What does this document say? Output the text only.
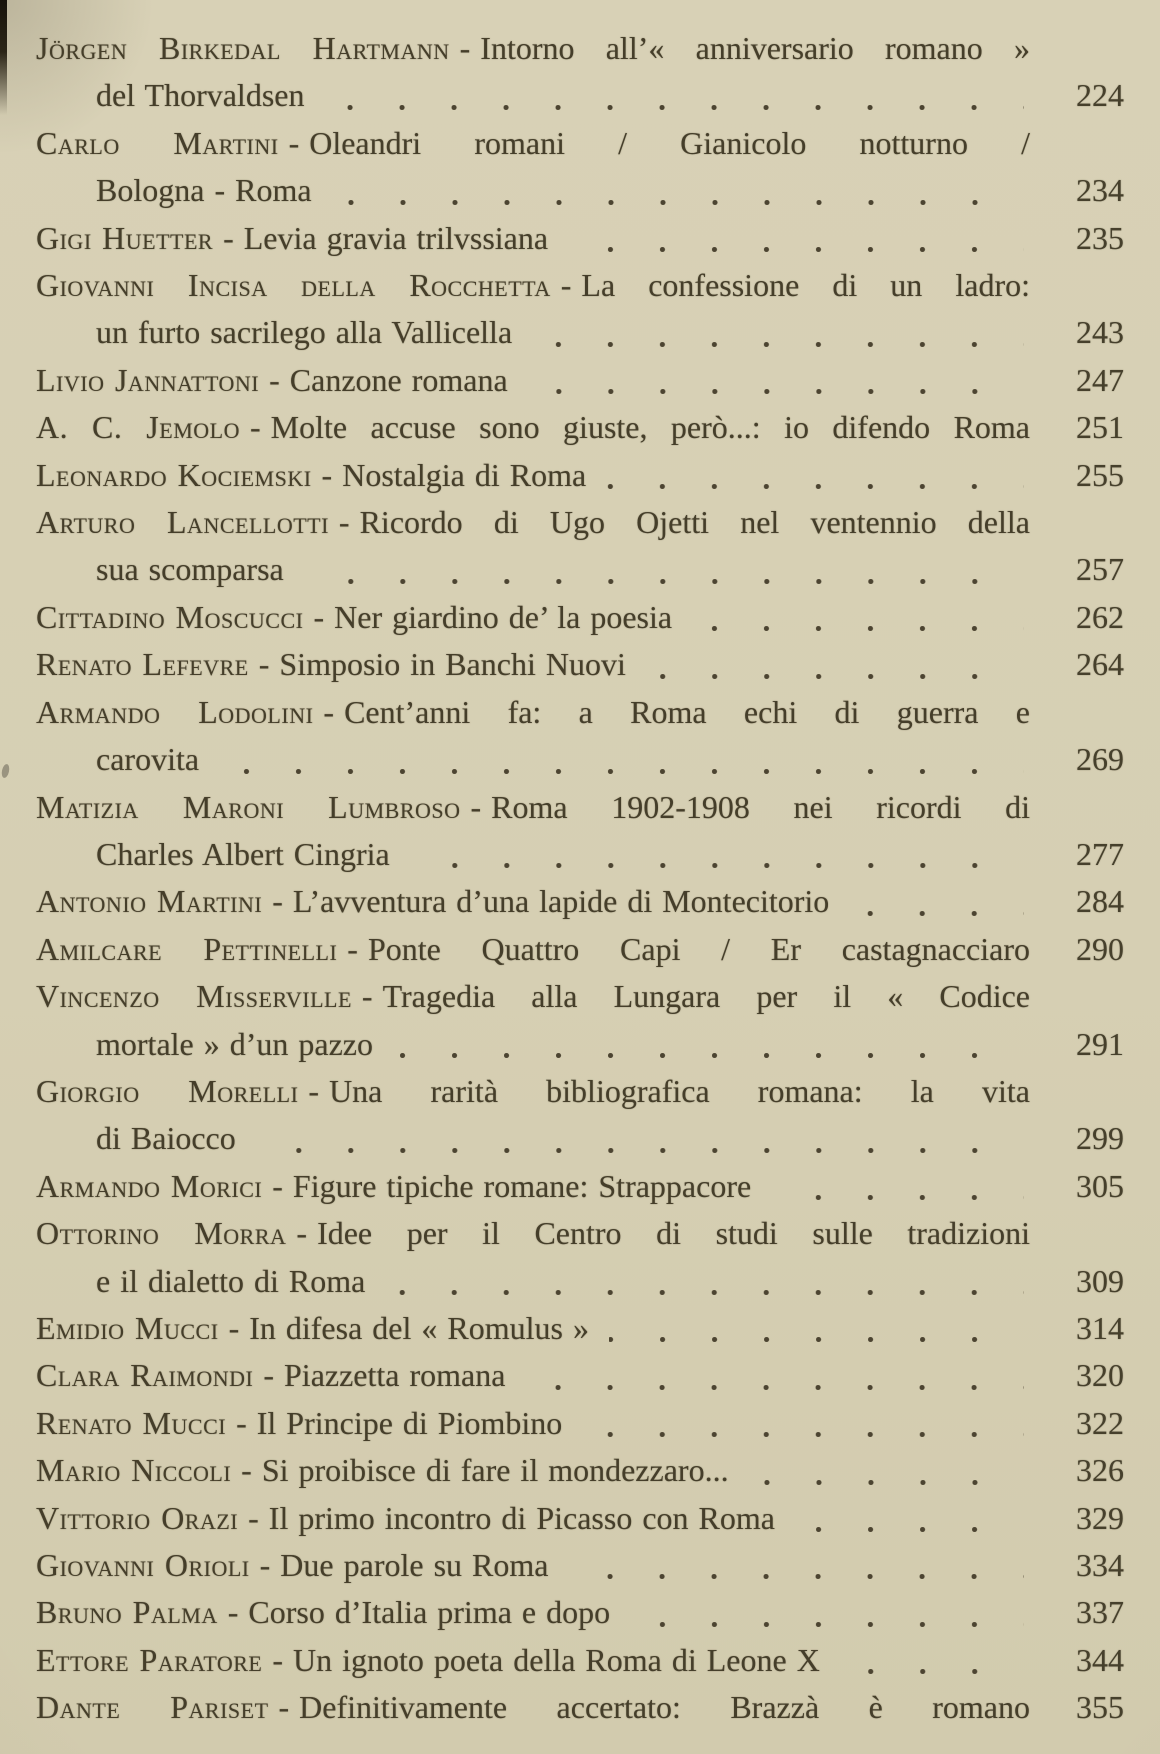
Jörgen Birkedal Hartmann - Intorno all’« anniversario romano »
del Thorvaldsen	224
Carlo Martini - Oleandri romani / Gianicolo notturno /
Bologna - Roma	234
Gigi Huetter - Levia gravia trilvssiana	235
Giovanni Incisa della Rocchetta - La confessione di un ladro:
un furto sacrilego alla Vallicella	243
Livio Jannattoni - Canzone romana	247
A. C. Jemolo - Molte accuse sono giuste, però...: io difendo Roma	251
Leonardo Kociemski - Nostalgia di Roma	255
Arturo Lancellotti - Ricordo di Ugo Ojetti nel ventennio della
sua scomparsa	257
Cittadino Moscucci - Ner giardino de’ la poesia	262
Renato Lefevre - Simposio in Banchi Nuovi	264
Armando Lodolini - Cent’anni fa: a Roma echi di guerra e
carovita	269
Matizia Maroni Lumbroso - Roma 1902-1908 nei ricordi di
Charles Albert Cingria	277
Antonio Martini - L’avventura d’una lapide di Montecitorio	284
Amilcare Pettinelli - Ponte Quattro Capi / Er castagnacciaro	290
Vincenzo Misserville - Tragedia alla Lungara per il « Codice
mortale » d’un pazzo	291
Giorgio Morelli - Una rarità bibliografica romana: la vita
di Baiocco	299
Armando Morici - Figure tipiche romane: Strappacore	305
Ottorino Morra - Idee per il Centro di studi sulle tradizioni
e il dialetto di Roma	309
Emidio Mucci - In difesa del « Romulus »	314
Clara Raimondi - Piazzetta romana	320
Renato Mucci - Il Principe di Piombino	322
Mario Niccoli - Si proibisce di fare il mondezzaro...	326
Vittorio Orazi - Il primo incontro di Picasso con Roma	329
Giovanni Orioli - Due parole su Roma	334
Bruno Palma - Corso d’Italia prima e dopo	337
Ettore Paratore - Un ignoto poeta della Roma di Leone X	344
Dante Pariset - Definitivamente accertato: Brazzà è romano	355
